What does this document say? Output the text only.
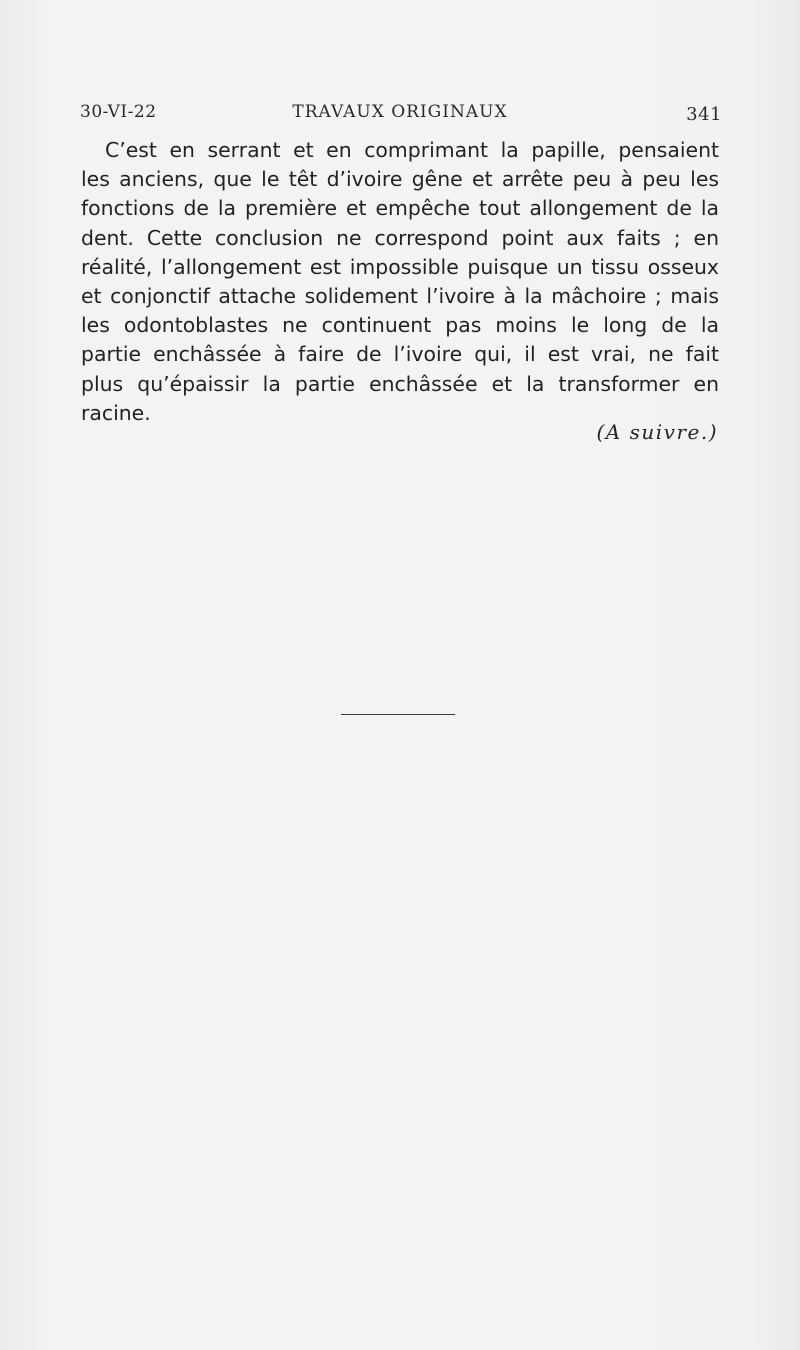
30-VI-22	TRAVAUX ORIGINAUX	341
C’est en serrant et en comprimant la papille, pensaient
les anciens, que le têt d’ivoire gêne et arrête peu à peu les
fonctions de la première et empêche tout allongement de la
dent. Cette conclusion ne correspond point aux faits ; en
réalité, l’allongement est impossible puisque un tissu osseux
et conjonctif attache solidement l’ivoire à la mâchoire ; mais
les odontoblastes ne continuent pas moins le long de la
partie enchâssée à faire de l’ivoire qui, il est vrai, ne fait
plus qu’épaissir la partie enchâssée et la transformer en
racine.
(A suivre.)
